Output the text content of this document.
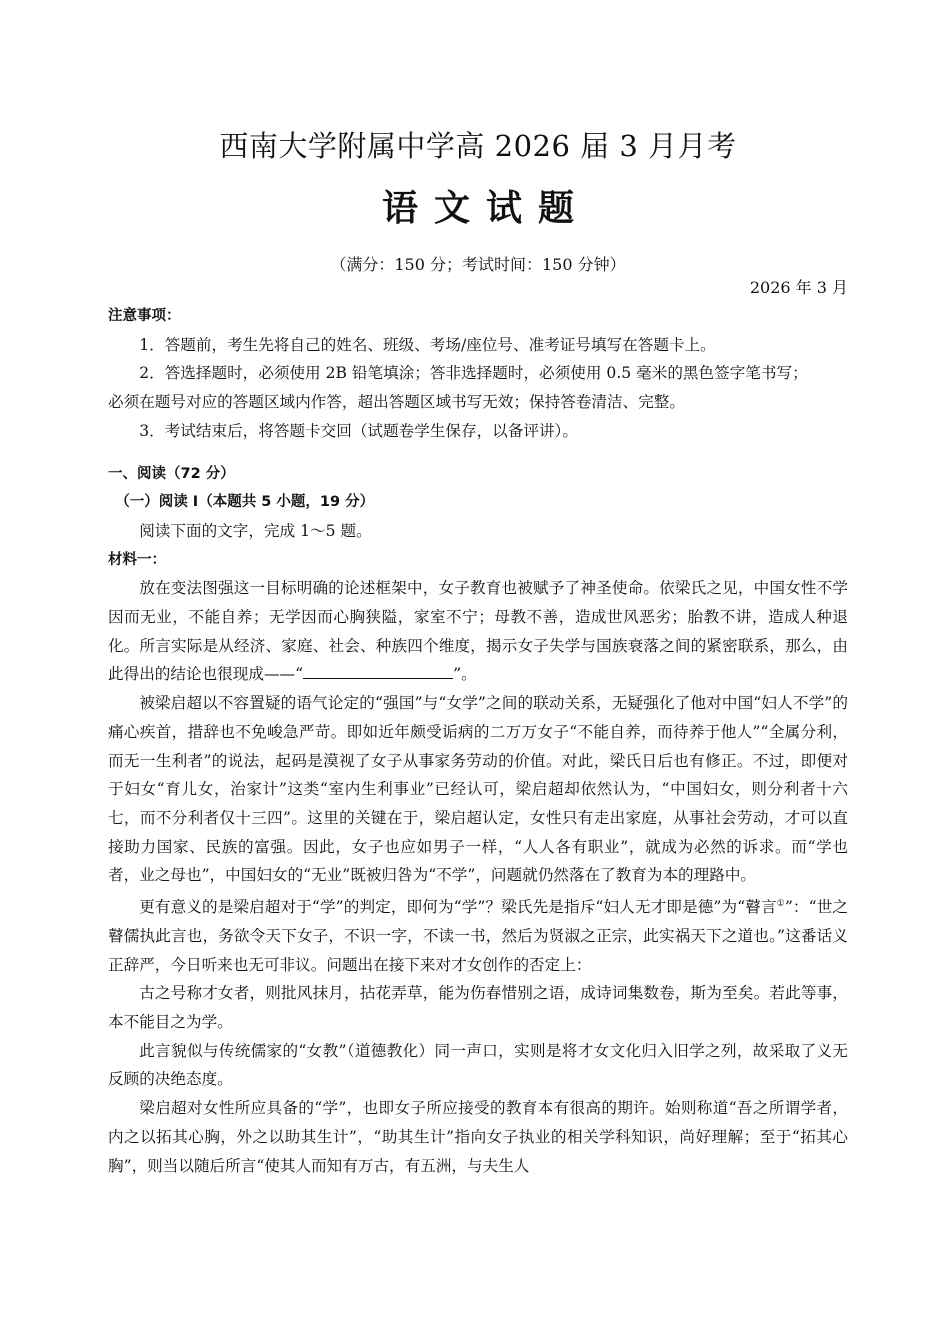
西南大学附属中学高 2026 届 3 月月考
语文试题
（满分：150 分；考试时间：150 分钟）
2026 年 3 月

注意事项：

1．答题前，考生先将自己的姓名、班级、考场/座位号、准考证号填写在答题卡上。

2．答选择题时，必须使用 2B 铅笔填涂；答非选择题时，必须使用 0.5 毫米的黑色签字笔书写；

必须在题号对应的答题区域内作答，超出答题区域书写无效；保持答卷清洁、完整。

3．考试结束后，将答题卡交回（试题卷学生保存，以备评讲）。

一、阅读（72 分）

（一）阅读 I（本题共 5 小题，19 分）

阅读下面的文字，完成 1～5 题。

材料一：

放在变法图强这一目标明确的论述框架中，女子教育也被赋予了神圣使命。依梁氏之见，中国女性不学因而无业，不能自养；无学因而心胸狭隘，家室不宁；母教不善，造成世风恶劣；胎教不讲，造成人种退化。所言实际是从经济、家庭、社会、种族四个维度，揭示女子失学与国族衰落之间的紧密联系，那么，由此得出的结论也很现成——“	”。

被梁启超以不容置疑的语气论定的“强国”与“女学”之间的联动关系，无疑强化了他对中国“妇人不学”的痛心疾首，措辞也不免峻急严苛。即如近年颇受诟病的二万万女子“不能自养，而待养于他人”“全属分利，而无一生利者”的说法，起码是漠视了女子从事家务劳动的价值。对此，梁氏日后也有修正。不过，即便对于妇女“育儿女，治家计”这类“室内生利事业”已经认可，梁启超却依然认为，“中国妇女，则分利者十六七，而不分利者仅十三四”。这里的关键在于，梁启超认定，女性只有走出家庭，从事社会劳动，才可以直接助力国家、民族的富强。因此，女子也应如男子一样，“人人各有职业”，就成为必然的诉求。而“学也者，业之母也”，中国妇女的“无业”既被归咎为“不学”，问题就仍然落在了教育为本的理路中。

更有意义的是梁启超对于“学”的判定，即何为“学”？梁氏先是指斥“妇人无才即是德”为“瞽言①”：“世之瞽儒执此言也，务欲令天下女子，不识一字，不读一书，然后为贤淑之正宗，此实祸天下之道也。”这番话义正辞严，今日听来也无可非议。问题出在接下来对才女创作的否定上：

古之号称才女者，则批风抹月，拈花弄草，能为伤春惜别之语，成诗词集数卷，斯为至矣。若此等事，本不能目之为学。

此言貌似与传统儒家的“女教”（道德教化）同一声口，实则是将才女文化归入旧学之列，故采取了义无反顾的决绝态度。

梁启超对女性所应具备的“学”，也即女子所应接受的教育本有很高的期许。始则称道“吾之所谓学者，内之以拓其心胸，外之以助其生计”，“助其生计”指向女子执业的相关学科知识，尚好理解；至于“拓其心胸”，则当以随后所言“使其人而知有万古，有五洲，与夫生人
